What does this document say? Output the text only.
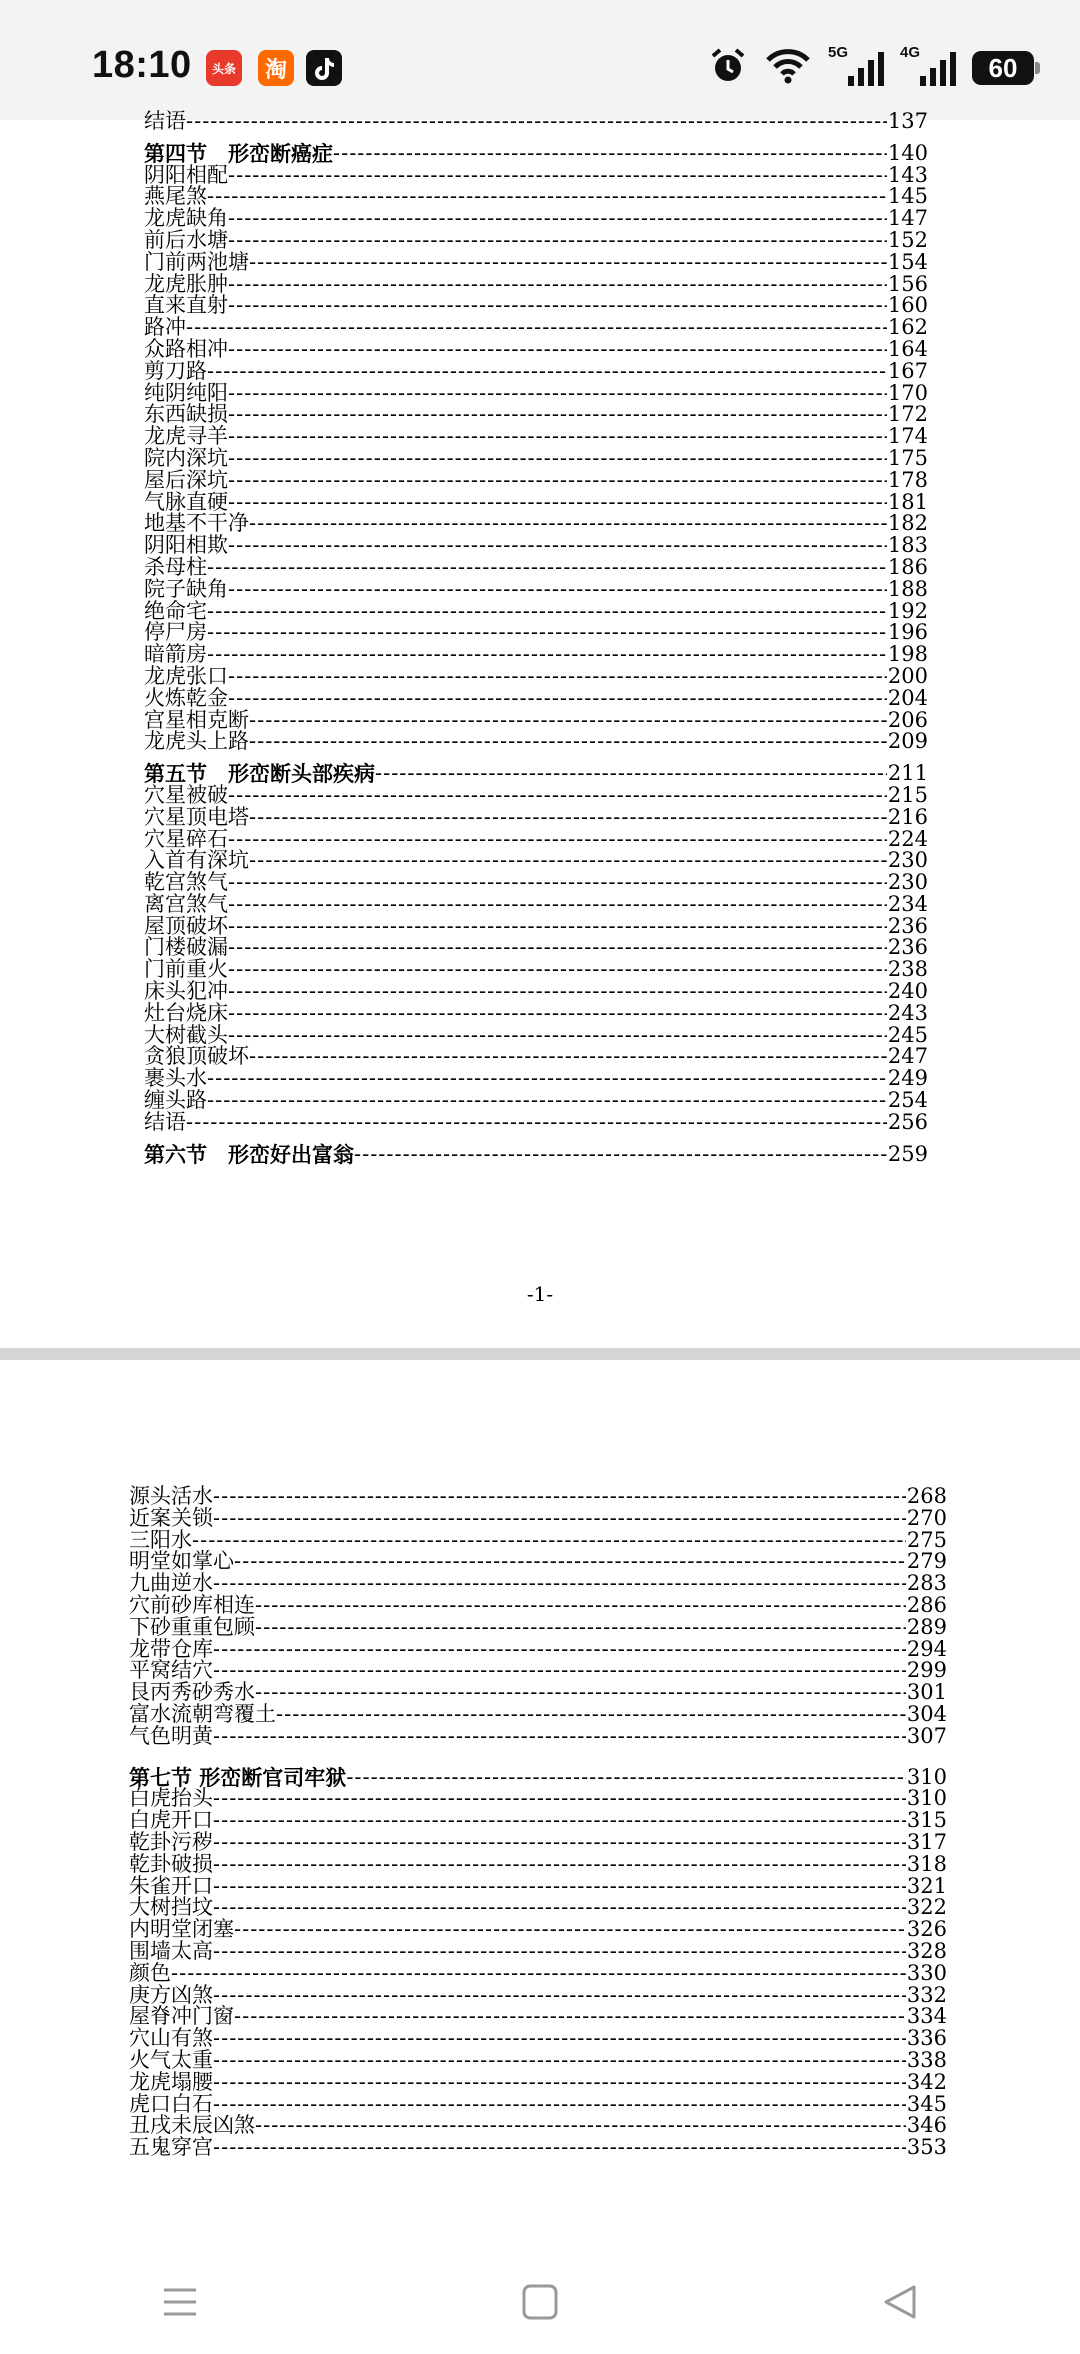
18:10	头条	淘
5G	4G	60
结语 -----	137
第四节　形峦断癌症 -----	140
阴阳相配 -----	143
燕尾煞 -----	145
龙虎缺角 -----	147
前后水塘 -----	152
门前两池塘 -----	154
龙虎胀肿 -----	156
直来直射 -----	160
路冲 -----	162
众路相冲 -----	164
剪刀路 -----	167
纯阴纯阳 -----	170
东西缺损 -----	172
龙虎寻羊 -----	174
院内深坑 -----	175
屋后深坑 -----	178
气脉直硬 -----	181
地基不干净 -----	182
阴阳相欺 -----	183
杀母柱 -----	186
院子缺角 -----	188
绝命宅 -----	192
停尸房 -----	196
暗箭房 -----	198
龙虎张口 -----	200
火炼乾金 -----	204
宫星相克断 -----	206
龙虎头上路 -----	209
第五节　形峦断头部疾病 -----	211
穴星被破 -----	215
穴星顶电塔 -----	216
穴星碎石 -----	224
入首有深坑 -----	230
乾宫煞气 -----	230
离宫煞气 -----	234
屋顶破坏 -----	236
门楼破漏 -----	236
门前重火 -----	238
床头犯冲 -----	240
灶台烧床 -----	243
大树截头 -----	245
贪狼顶破坏 -----	247
裹头水 -----	249
缠头路 -----	254
结语 -----	256
第六节　形峦好出富翁 -----	259
-1-
源头活水 -----	268
近案关锁 -----	270
三阳水 -----	275
明堂如掌心 -----	279
九曲逆水 -----	283
穴前砂库相连 -----	286
下砂重重包顾 -----	289
龙带仓库 -----	294
平窝结穴 -----	299
艮丙秀砂秀水 -----	301
富水流朝弯覆土 -----	304
气色明黄 -----	307
第七节 形峦断官司牢狱 -----	310
白虎抬头 -----	310
白虎开口 -----	315
乾卦污秽 -----	317
乾卦破损 -----	318
朱雀开口 -----	321
大树挡坟 -----	322
内明堂闭塞 -----	326
围墙太高 -----	328
颜色 -----	330
庚方凶煞 -----	332
屋脊冲门窗 -----	334
穴山有煞 -----	336
火气太重 -----	338
龙虎塌腰 -----	342
虎口白石 -----	345
丑戌未辰凶煞 -----	346
五鬼穿宫 -----	353
